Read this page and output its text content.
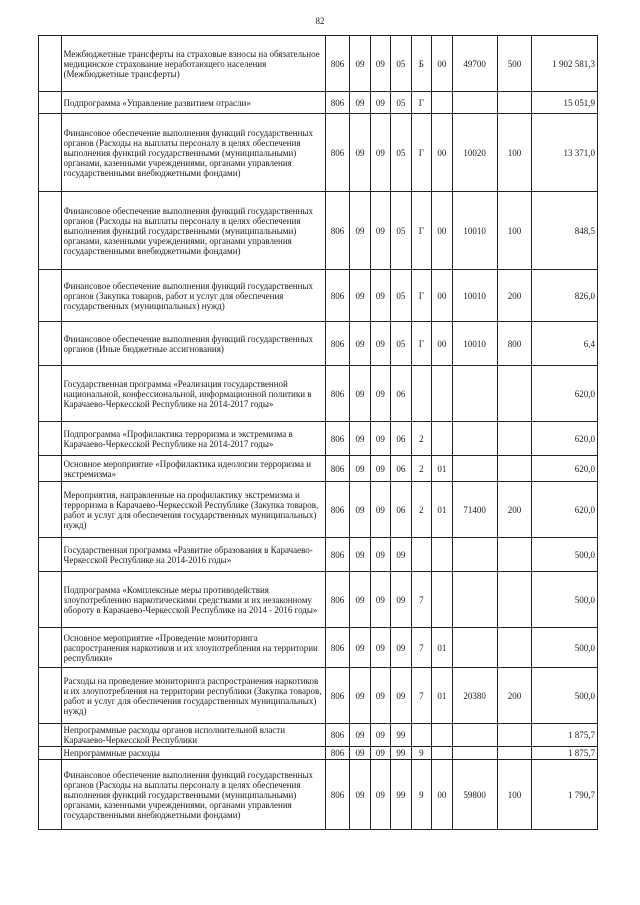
82
	Межбюджетные трансферты на страховые взносы на обязательное медицинское страхование неработающего населения (Межбюджетные трансферты)	806	09	09	05	Б	00	49700	500	1 902 581,3
	Подпрограмма «Управление развитием отрасли»	806	09	09	05	Г				15 051,9
	Финансовое обеспечение выполнения функций государственных органов (Расходы на выплаты персоналу в целях обеспечения выполнения функций государственными (муниципальными) органами, казенными учреждениями, органами управления государственными внебюджетными фондами)	806	09	09	05	Г	00	10020	100	13 371,0
	Финансовое обеспечение выполнения функций государственных органов (Расходы на выплаты персоналу в целях обеспечения выполнения функций государственными (муниципальными) органами, казенными учреждениями, органами управления государственными внебюджетными фондами)	806	09	09	05	Г	00	10010	100	848,5
	Финансовое обеспечение выполнения функций государственных органов (Закупка товаров, работ и услуг для обеспечения государственных (муниципальных) нужд)	806	09	09	05	Г	00	10010	200	826,0
	Финансовое обеспечение выполнения функций государственных органов (Иные бюджетные ассигнования)	806	09	09	05	Г	00	10010	800	6,4
	Государственная программа «Реализация государственной национальной, конфессиональной, информационной политики в Карачаево-Черкесской Республике на 2014-2017 годы»	806	09	09	06					620,0
	Подпрограмма «Профилактика терроризма и экстремизма в Карачаево-Черкесской Республике на 2014-2017 годы»	806	09	09	06	2				620,0
	Основное мероприятие «Профилактика идеологии терроризма и экстремизма»	806	09	09	06	2	01			620,0
	Мероприятия, направленные на профилактику экстремизма и терроризма в Карачаево-Черкесской Республике (Закупка товаров, работ и услуг для обеспечения государственных муниципальных) нужд)	806	09	09	06	2	01	71400	200	620,0
	Государственная программа «Развитие образования в Карачаево-Черкесской Республике на 2014-2016 годы»	806	09	09	09					500,0
	Подпрограмма «Комплексные меры противодействия злоупотреблению наркотическими средствами и их незаконному обороту в Карачаево-Черкесской Республике на 2014 - 2016 годы»	806	09	09	09	7				500,0
	Основное мероприятие «Проведение мониторинга распространения наркотиков и их злоупотребления на территории республики»	806	09	09	09	7	01			500,0
	Расходы на проведение мониторинга распространения наркотиков и их злоупотребления на территории республики (Закупка товаров, работ и услуг для обеспечения государственных муниципальных) нужд)	806	09	09	09	7	01	20380	200	500,0
	Непрограммные расходы органов исполнительной власти Карачаево-Черкесской Республики	806	09	09	99					1 875,7
	Непрограммные расходы	806	09	09	99	9				1 875,7
	Финансовое обеспечение выполнения функций государственных органов (Расходы на выплаты персоналу в целях обеспечения выполнения функций государственными (муниципальными) органами, казенными учреждениями, органами управления государственными внебюджетными фондами)	806	09	09	99	9	00	59800	100	1 790,7
